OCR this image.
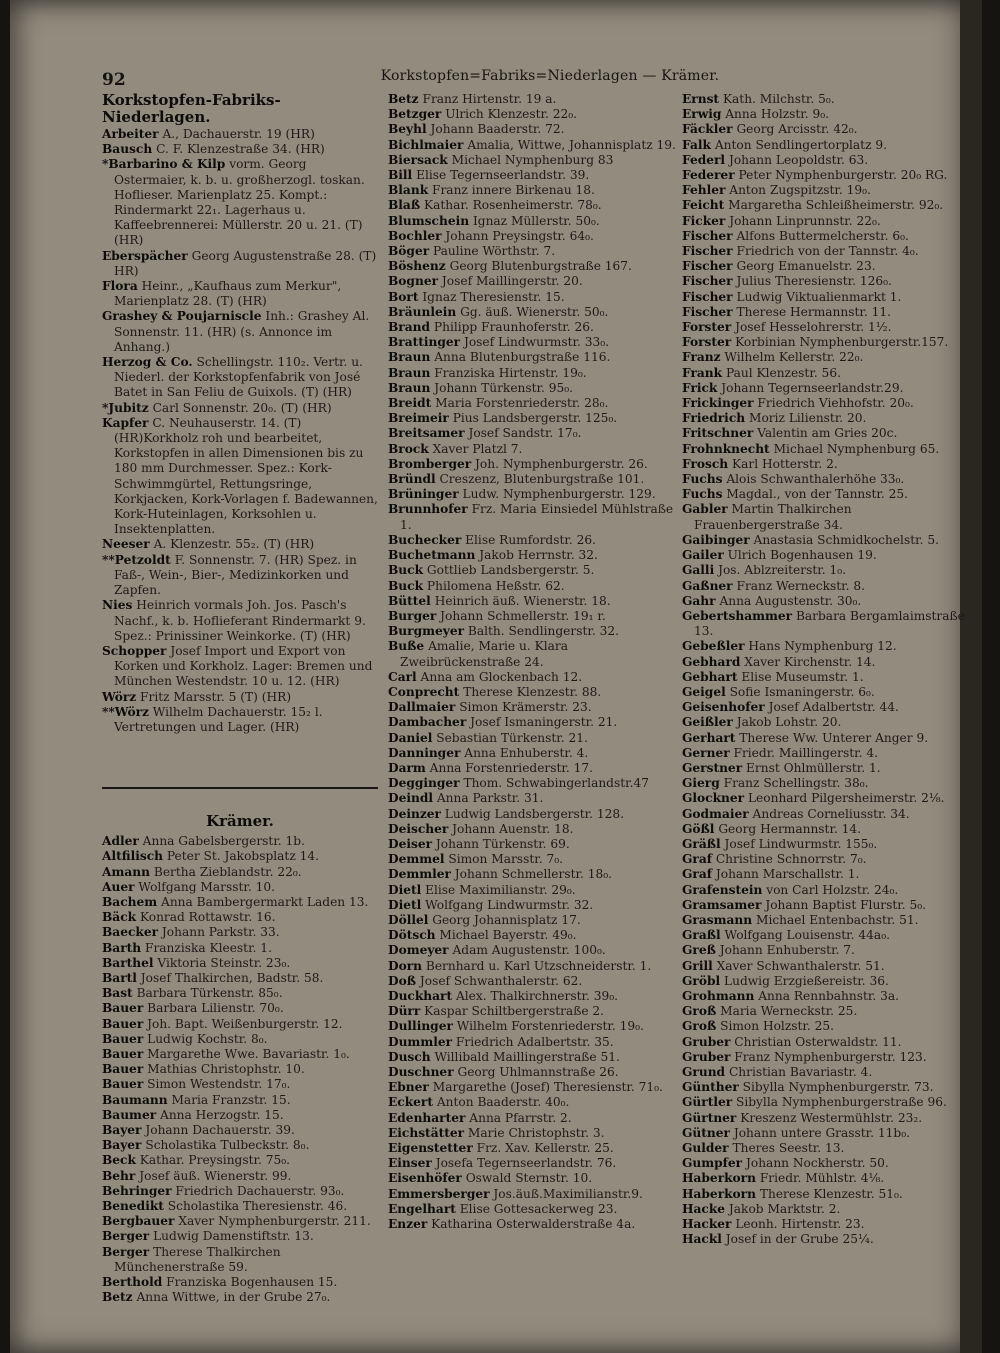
92	Korkstopfen=Fabriks=Niederlagen — Krämer.
Korkstopfen-Fabriks-Niederlagen.

Arbeiter A., Dachauerstr. 19 (HR)

Bausch C. F. Klenzestraße 34. (HR)

*Barbarino & Kilp vorm. Georg Ostermaier, k. b. u. großherzogl. toskan. Hoflieser. Marienplatz 25. Kompt.: Rindermarkt 22₁. Lagerhaus u. Kaffeebrennerei: Müllerstr. 20 u. 21. (T) (HR)

Eberspächer Georg Augustenstraße 28. (T) HR)

Flora Heinr., „Kaufhaus zum Merkur", Marienplatz 28. (T) (HR)

Grashey & Poujarniscle Inh.: Grashey Al. Sonnenstr. 11. (HR) (s. Annonce im Anhang.)

Herzog & Co. Schellingstr. 110₂. Vertr. u. Niederl. der Korkstopfenfabrik von José Batet in San Feliu de Guixols. (T) (HR)

*Jubitz Carl Sonnenstr. 20₀. (T) (HR)

Kapfer C. Neuhauserstr. 14. (T)(HR)Korkholz roh und bearbeitet, Korkstopfen in allen Dimensionen bis zu 180 mm Durchmesser. Spez.: Kork-Schwimmgürtel, Rettungsringe, Korkjacken, Kork-Vorlagen f. Badewannen, Kork-Huteinlagen, Korksohlen u. Insektenplatten.

Neeser A. Klenzestr. 55₂. (T) (HR)

**Petzoldt F. Sonnenstr. 7. (HR) Spez. in Faß-, Wein-, Bier-, Medizinkorken und Zapfen.

Nies Heinrich vormals Joh. Jos. Pasch's Nachf., k. b. Hoflieferant Rindermarkt 9. Spez.: Prinissiner Weinkorke. (T) (HR)

Schopper Josef Import und Export von Korken und Korkholz. Lager: Bremen und München Westendstr. 10 u. 12. (HR)

Wörz Fritz Marsstr. 5 (T) (HR)

**Wörz Wilhelm Dachauerstr. 15₂ l. Vertretungen und Lager. (HR)

Krämer.

Adler Anna Gabelsbergerstr. 1b.

Altfilisch Peter St. Jakobsplatz 14.

Amann Bertha Zieblandstr. 22₀.

Auer Wolfgang Marsstr. 10.

Bachem Anna Bambergermarkt Laden 13.

Bäck Konrad Rottawstr. 16.

Baecker Johann Parkstr. 33.

Barth Franziska Kleestr. 1.

Barthel Viktoria Steinstr. 23₀.

Bartl Josef Thalkirchen, Badstr. 58.

Bast Barbara Türkenstr. 85₀.

Bauer Barbara Lilienstr. 70₀.

Bauer Joh. Bapt. Weißenburgerstr. 12.

Bauer Ludwig Kochstr. 8₀.

Bauer Margarethe Wwe. Bavariastr. 1₀.

Bauer Mathias Christophstr. 10.

Bauer Simon Westendstr. 17₀.

Baumann Maria Franzstr. 15.

Baumer Anna Herzogstr. 15.

Bayer Johann Dachauerstr. 39.

Bayer Scholastika Tulbeckstr. 8₀.

Beck Kathar. Preysingstr. 75₀.

Behr Josef äuß. Wienerstr. 99.

Behringer Friedrich Dachauerstr. 93₀.

Benedikt Scholastika Theresienstr. 46.

Bergbauer Xaver Nymphenburgerstr. 211.

Berger Ludwig Damenstiftstr. 13.

Berger Therese Thalkirchen Münchenerstraße 59.

Berthold Franziska Bogenhausen 15.

Betz Anna Wittwe, in der Grube 27₀.

Betz Franz Hirtenstr. 19 a.

Betzger Ulrich Klenzestr. 22₀.

Beyhl Johann Baaderstr. 72.

Bichlmaier Amalia, Wittwe, Johannisplatz 19.

Biersack Michael Nymphenburg 83

Bill Elise Tegernseerlandstr. 39.

Blank Franz innere Birkenau 18.

Blaß Kathar. Rosenheimerstr. 78₀.

Blumschein Ignaz Müllerstr. 50₀.

Bochler Johann Preysingstr. 64₀.

Böger Pauline Wörthstr. 7.

Böshenz Georg Blutenburgstraße 167.

Bogner Josef Maillingerstr. 20.

Bort Ignaz Theresienstr. 15.

Bräunlein Gg. äuß. Wienerstr. 50₀.

Brand Philipp Fraunhoferstr. 26.

Brattinger Josef Lindwurmstr. 33₀.

Braun Anna Blutenburgstraße 116.

Braun Franziska Hirtenstr. 19₀.

Braun Johann Türkenstr. 95₀.

Breidt Maria Forstenriederstr. 28₀.

Breimeir Pius Landsbergerstr. 125₀.

Breitsamer Josef Sandstr. 17₀.

Brock Xaver Platzl 7.

Bromberger Joh. Nymphenburgerstr. 26.

Bründl Creszenz, Blutenburgstraße 101.

Brüninger Ludw. Nymphenburgerstr. 129.

Brunnhofer Frz. Maria Einsiedel Mühlstraße 1.

Buchecker Elise Rumfordstr. 26.

Buchetmann Jakob Herrnstr. 32.

Buck Gottlieb Landsbergerstr. 5.

Buck Philomena Heßstr. 62.

Büttel Heinrich äuß. Wienerstr. 18.

Burger Johann Schmellerstr. 19₁ r.

Burgmeyer Balth. Sendlingerstr. 32.

Buße Amalie, Marie u. Klara Zweibrückenstraße 24.

Carl Anna am Glockenbach 12.

Conprecht Therese Klenzestr. 88.

Dallmaier Simon Krämerstr. 23.

Dambacher Josef Ismaningerstr. 21.

Daniel Sebastian Türkenstr. 21.

Danninger Anna Enhuberstr. 4.

Darm Anna Forstenriederstr. 17.

Degginger Thom. Schwabingerlandstr.47

Deindl Anna Parkstr. 31.

Deinzer Ludwig Landsbergerstr. 128.

Deischer Johann Auenstr. 18.

Deiser Johann Türkenstr. 69.

Demmel Simon Marsstr. 7₀.

Demmler Johann Schmellerstr. 18₀.

Dietl Elise Maximilianstr. 29₀.

Dietl Wolfgang Lindwurmstr. 32.

Döllel Georg Johannisplatz 17.

Dötsch Michael Bayerstr. 49₀.

Domeyer Adam Augustenstr. 100₀.

Dorn Bernhard u. Karl Utzschneiderstr. 1.

Doß Josef Schwanthalerstr. 62.

Duckhart Alex. Thalkirchnerstr. 39₀.

Dürr Kaspar Schiltbergerstraße 2.

Dullinger Wilhelm Forstenriederstr. 19₀.

Dummler Friedrich Adalbertstr. 35.

Dusch Willibald Maillingerstraße 51.

Duschner Georg Uhlmannstraße 26.

Ebner Margarethe (Josef) Theresienstr. 71₀.

Eckert Anton Baaderstr. 40₀.

Edenharter Anna Pfarrstr. 2.

Eichstätter Marie Christophstr. 3.

Eigenstetter Frz. Xav. Kellerstr. 25.

Einser Josefa Tegernseerlandstr. 76.

Eisenhöfer Oswald Sternstr. 10.

Emmersberger Jos.äuß.Maximilianstr.9.

Engelhart Elise Gottesackerweg 23.

Enzer Katharina Osterwalderstraße 4a.

Ernst Kath. Milchstr. 5₀.

Erwig Anna Holzstr. 9₀.

Fäckler Georg Arcisstr. 42₀.

Falk Anton Sendlingertorplatz 9.

Federl Johann Leopoldstr. 63.

Federer Peter Nymphenburgerstr. 20₀ RG.

Fehler Anton Zugspitzstr. 19₀.

Feicht Margaretha Schleißheimerstr. 92₀.

Ficker Johann Linprunnstr. 22₀.

Fischer Alfons Buttermelcherstr. 6₀.

Fischer Friedrich von der Tannstr. 4₀.

Fischer Georg Emanuelstr. 23.

Fischer Julius Theresienstr. 126₀.

Fischer Ludwig Viktualienmarkt 1.

Fischer Therese Hermannstr. 11.

Forster Josef Hesselohrerstr. 1½.

Forster Korbinian Nymphenburgerstr.157.

Franz Wilhelm Kellerstr. 22₀.

Frank Paul Klenzestr. 56.

Frick Johann Tegernseerlandstr.29.

Frickinger Friedrich Viehhofstr. 20₀.

Friedrich Moriz Lilienstr. 20.

Fritschner Valentin am Gries 20c.

Frohnknecht Michael Nymphenburg 65.

Frosch Karl Hotterstr. 2.

Fuchs Alois Schwanthalerhöhe 33₀.

Fuchs Magdal., von der Tannstr. 25.

Gabler Martin Thalkirchen Frauenbergerstraße 34.

Gaibinger Anastasia Schmidkochelstr. 5.

Gailer Ulrich Bogenhausen 19.

Galli Jos. Ablzreiterstr. 1₀.

Gaßner Franz Werneckstr. 8.

Gahr Anna Augustenstr. 30₀.

Gebertshammer Barbara Bergamlaimstraße 13.

Gebeßler Hans Nymphenburg 12.

Gebhard Xaver Kirchenstr. 14.

Gebhart Elise Museumstr. 1.

Geigel Sofie Ismaningerstr. 6₀.

Geisenhofer Josef Adalbertstr. 44.

Geißler Jakob Lohstr. 20.

Gerhart Therese Ww. Unterer Anger 9.

Gerner Friedr. Maillingerstr. 4.

Gerstner Ernst Ohlmüllerstr. 1.

Gierg Franz Schellingstr. 38₀.

Glockner Leonhard Pilgersheimerstr. 2⅛.

Godmaier Andreas Corneliusstr. 34.

Gößl Georg Hermannstr. 14.

Gräßl Josef Lindwurmstr. 155₀.

Graf Christine Schnorrstr. 7₀.

Graf Johann Marschallstr. 1.

Grafenstein von Carl Holzstr. 24₀.

Gramsamer Johann Baptist Flurstr. 5₀.

Grasmann Michael Entenbachstr. 51.

Graßl Wolfgang Louisenstr. 44a₀.

Greß Johann Enhuberstr. 7.

Grill Xaver Schwanthalerstr. 51.

Gröbl Ludwig Erzgießereistr. 36.

Grohmann Anna Rennbahnstr. 3a.

Groß Maria Werneckstr. 25.

Groß Simon Holzstr. 25.

Gruber Christian Osterwaldstr. 11.

Gruber Franz Nymphenburgerstr. 123.

Grund Christian Bavariastr. 4.

Günther Sibylla Nymphenburgerstr. 73.

Gürtler Sibylla Nymphenburgerstraße 96.

Gürtner Kreszenz Westermühlstr. 23₂.

Gütner Johann untere Grasstr. 11b₀.

Gulder Theres Seestr. 13.

Gumpfer Johann Nockherstr. 50.

Haberkorn Friedr. Mühlstr. 4⅛.

Haberkorn Therese Klenzestr. 51₀.

Hacke Jakob Marktstr. 2.

Hacker Leonh. Hirtenstr. 23.

Hackl Josef in der Grube 25¼.
